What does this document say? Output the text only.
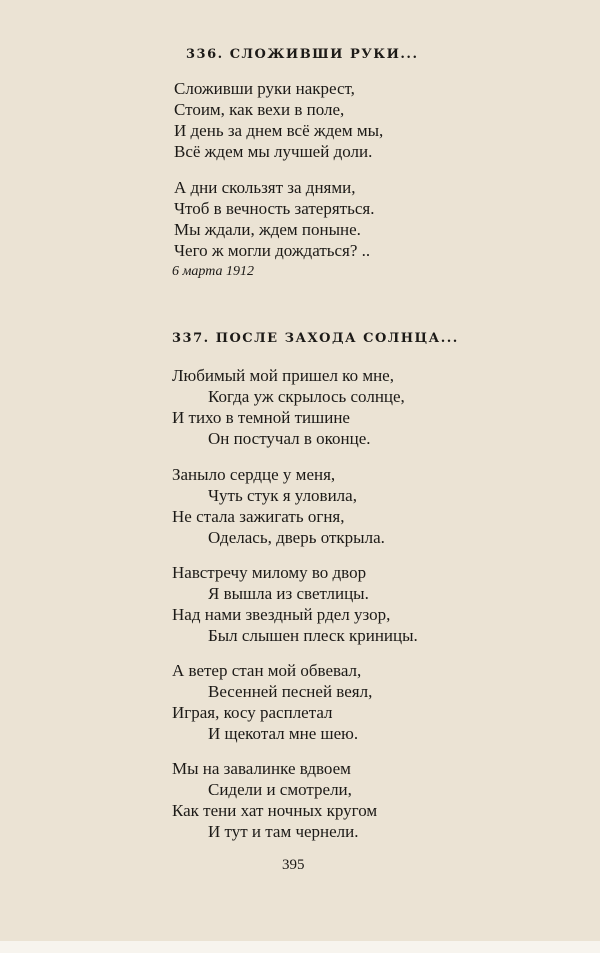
336. СЛОЖИВШИ РУКИ...
Сложивши руки накрест,
Стоим, как вехи в поле,
И день за днем всё ждем мы,
Всё ждем мы лучшей доли.
А дни скользят за днями,
Чтоб в вечность затеряться.
Мы ждали, ждем поныне.
Чего ж могли дождаться? ..
6 марта 1912
337. ПОСЛЕ ЗАХОДА СОЛНЦА...
Любимый мой пришел ко мне,
Когда уж скрылось солнце,
И тихо в темной тишине
Он постучал в оконце.
Заныло сердце у меня,
Чуть стук я уловила,
Не стала зажигать огня,
Оделась, дверь открыла.
Навстречу милому во двор
Я вышла из светлицы.
Над нами звездный рдел узор,
Был слышен плеск криницы.
А ветер стан мой обвевал,
Весенней песней веял,
Играя, косу расплетал
И щекотал мне шею.
Мы на завалинке вдвоем
Сидели и смотрели,
Как тени хат ночных кругом
И тут и там чернели.
395
